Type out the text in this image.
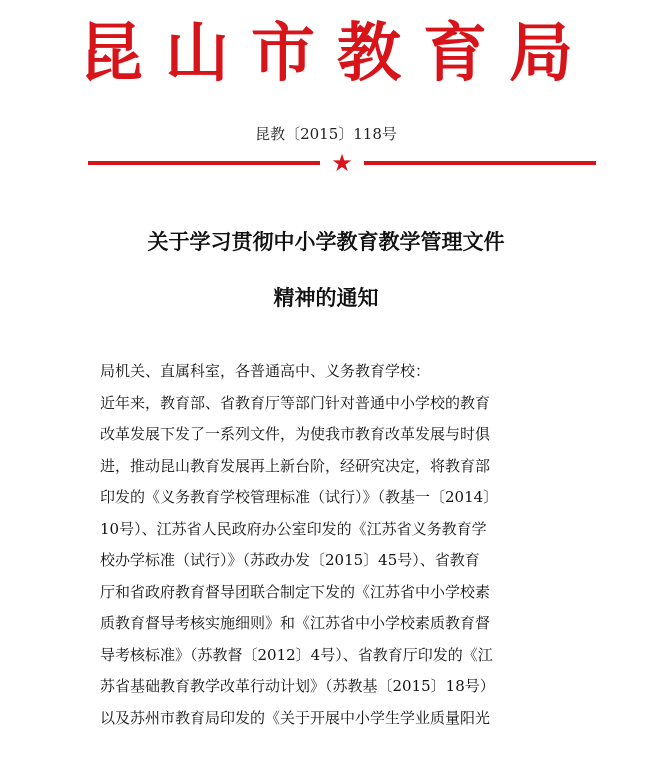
昆山市教育局
昆教〔2015〕118号
★
关于学习贯彻中小学教育教学管理文件
精神的通知
局机关、直属科室，各普通高中、义务教育学校：
近年来，教育部、省教育厅等部门针对普通中小学校的教育
改革发展下发了一系列文件，为使我市教育改革发展与时俱
进，推动昆山教育发展再上新台阶，经研究决定，将教育部
印发的《义务教育学校管理标准（试行）》（教基一〔2014〕
10号）、江苏省人民政府办公室印发的《江苏省义务教育学
校办学标准（试行）》（苏政办发〔2015〕45号）、省教育
厅和省政府教育督导团联合制定下发的《江苏省中小学校素
质教育督导考核实施细则》和《江苏省中小学校素质教育督
导考核标准》（苏教督〔2012〕4号）、省教育厅印发的《江
苏省基础教育教学改革行动计划》（苏教基〔2015〕18号）
以及苏州市教育局印发的《关于开展中小学生学业质量阳光
